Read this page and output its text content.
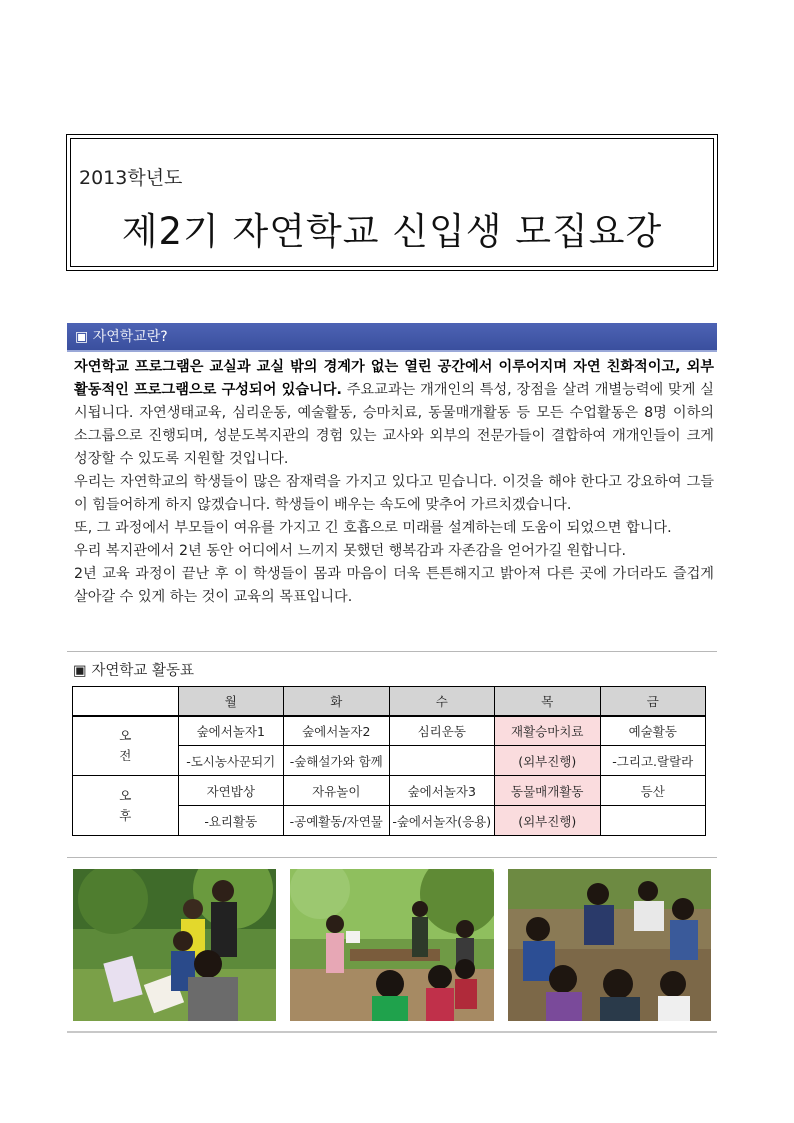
2013학년도
제2기 자연학교 신입생 모집요강
▣ 자연학교란?

자연학교 프로그램은 교실과 교실 밖의 경계가 없는 열린 공간에서 이루어지며 자연 친화적이고, 외부 활동적인 프로그램으로 구성되어 있습니다. 주요교과는 개개인의 특성, 장점을 살려 개별능력에 맞게 실시됩니다. 자연생태교육, 심리운동, 예술활동, 승마치료, 동물매개활동 등 모든 수업활동은 8명 이하의 소그룹으로 진행되며, 성분도복지관의 경험 있는 교사와 외부의 전문가들이 결합하여 개개인들이 크게 성장할 수 있도록 지원할 것입니다.

우리는 자연학교의 학생들이 많은 잠재력을 가지고 있다고 믿습니다. 이것을 해야 한다고 강요하여 그들이 힘들어하게 하지 않겠습니다. 학생들이 배우는 속도에 맞추어 가르치겠습니다.

또, 그 과정에서 부모들이 여유를 가지고 긴 호흡으로 미래를 설계하는데 도움이 되었으면 합니다.

우리 복지관에서 2년 동안 어디에서 느끼지 못했던 행복감과 자존감을 얻어가길 원합니다.

2년 교육 과정이 끝난 후 이 학생들이 몸과 마음이 더욱 튼튼해지고 밝아져 다른 곳에 가더라도 즐겁게 살아갈 수 있게 하는 것이 교육의 목표입니다.

▣ 자연학교 활동표
	월	화	수	목	금
오
전	숲에서놀자1	숲에서놀자2	심리운동	재활승마치료	예술활동
	-도시농사꾼되기	-숲해설가와 함께		(외부진행)	-그리고.랄랄라
오
후	자연밥상	자유놀이	숲에서놀자3	동물매개활동	등산
	-요리활동	-공예활동/자연물	-숲에서놀자(응용)	(외부진행)	
